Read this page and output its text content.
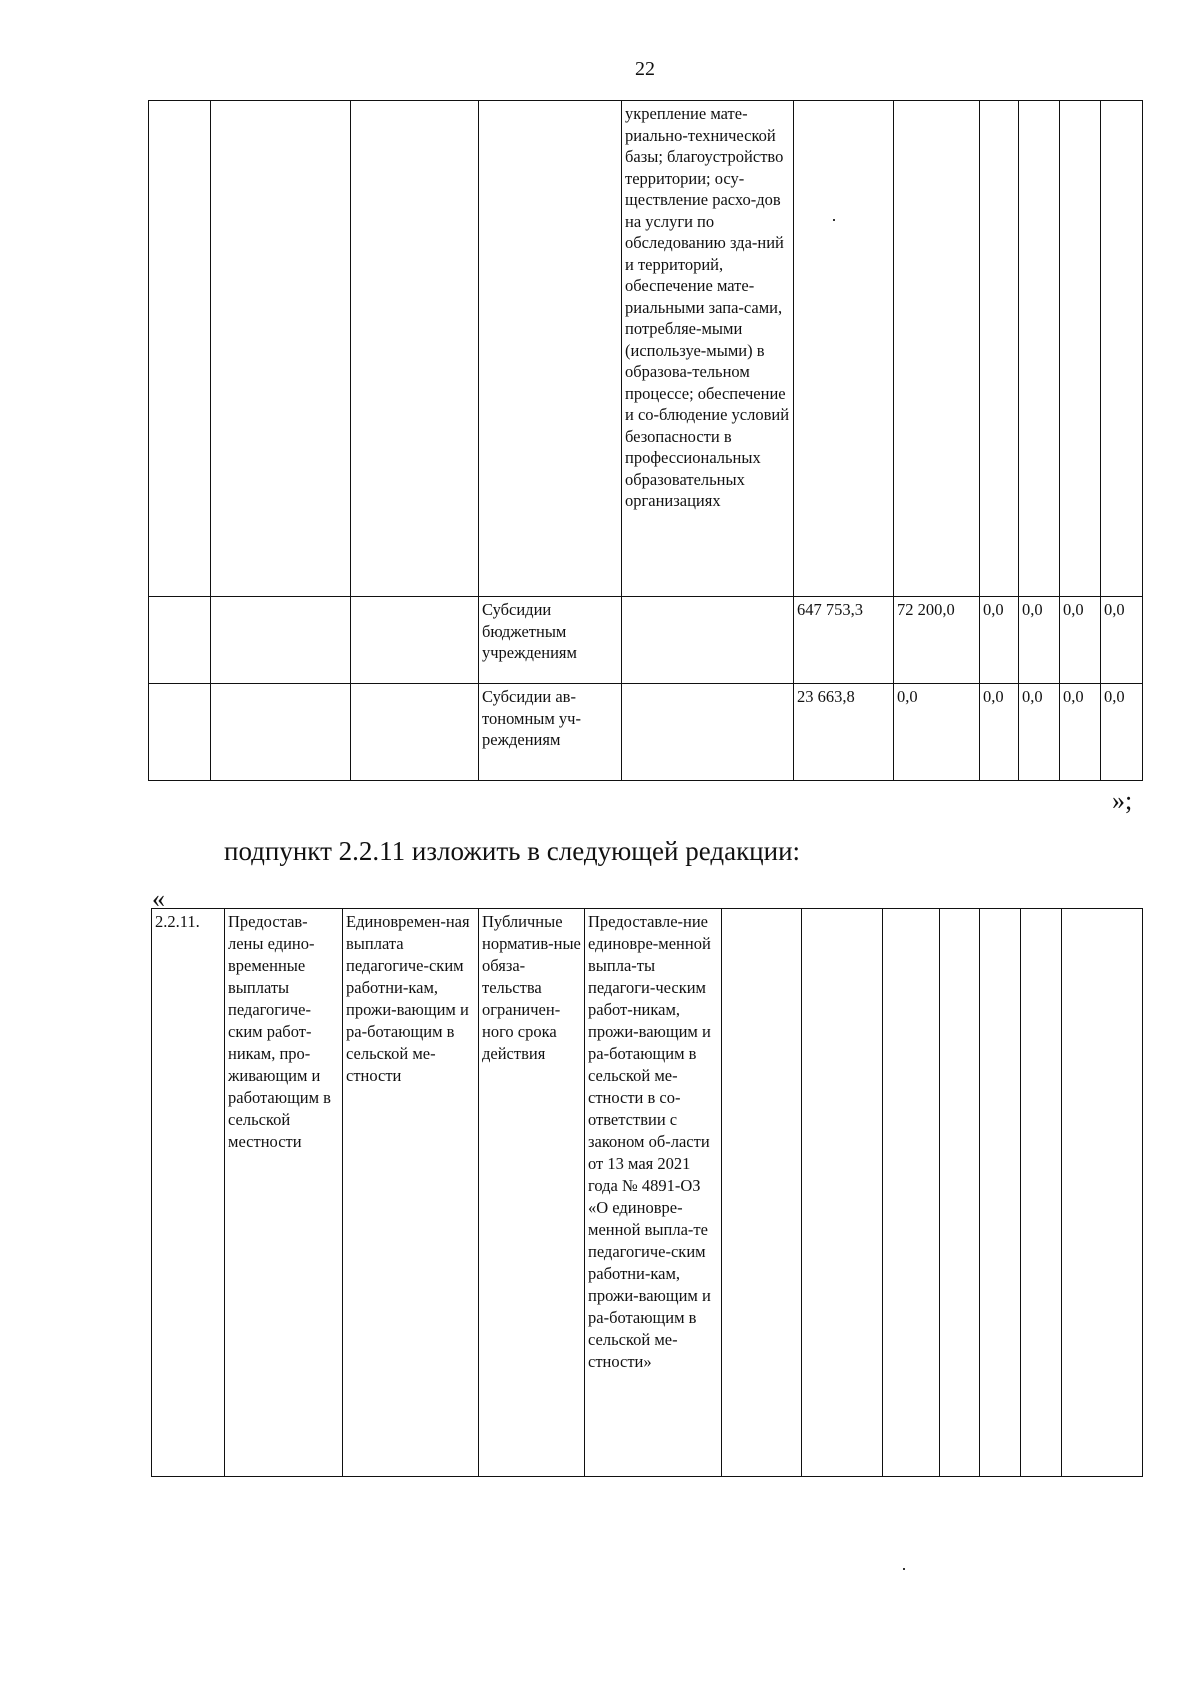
22
				укрепление мате-риально-технической базы; благоустройство территории; осу-ществление расхо-дов на услуги по обследованию зда-ний и территорий, обеспечение мате-риальными запа-сами, потребляе-мыми (используе-мыми) в образова-тельном процессе; обеспечение и со-блюдение условий безопасности в профессиональных образовательных организациях						
			Субсидии бюджетным учреждениям		647 753,3	72 200,0	0,0	0,0	0,0	0,0
			Субсидии ав-тономным уч-реждениям		23 663,8	0,0	0,0	0,0	0,0	0,0
»;
подпункт 2.2.11 изложить в следующей редакции:
«
2.2.11.	Предостав-лены едино-временные выплаты педагогиче-ским работ-никам, про-живающим и работающим в сельской местности	Единовремен-ная выплата педагогиче-ским работни-кам, прожи-вающим и ра-ботающим в сельской ме-стности	Публичные норматив-ные обяза-тельства ограничен-ного срока действия	Предоставле-ние единовре-менной выпла-ты педагоги-ческим работ-никам, прожи-вающим и ра-ботающим в сельской ме-стности в со-ответствии с законом об-ласти от 13 мая 2021 года № 4891-ОЗ «О единовре-менной выпла-те педагогиче-ским работни-кам, прожи-вающим и ра-ботающим в сельской ме-стности»							
